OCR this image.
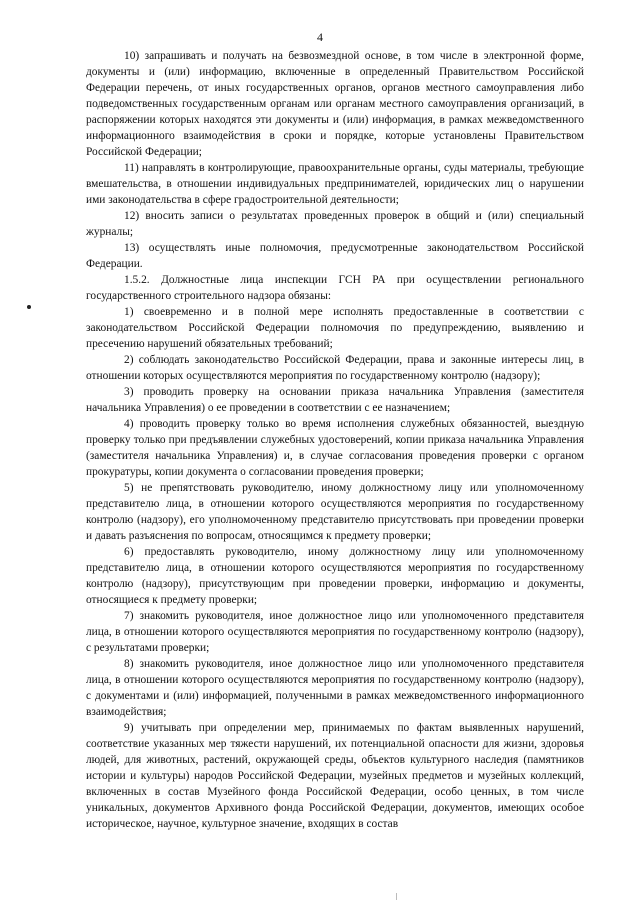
4

10) запрашивать и получать на безвозмездной основе, в том числе в электронной форме, документы и (или) информацию, включенные в определенный Правительством Российской Федерации перечень, от иных государственных органов, органов местного самоуправления либо подведомственных государственным органам или органам местного самоуправления организаций, в распоряжении которых находятся эти документы и (или) информация, в рамках межведомственного информационного взаимодействия в сроки и порядке, которые установлены Правительством Российской Федерации;

11) направлять в контролирующие, правоохранительные органы, суды материалы, требующие вмешательства, в отношении индивидуальных предпринимателей, юридических лиц о нарушении ими законодательства в сфере градостроительной деятельности;

12) вносить записи о результатах проведенных проверок в общий и (или) специальный журналы;

13) осуществлять иные полномочия, предусмотренные законодательством Российской Федерации.

1.5.2. Должностные лица инспекции ГСН РА при осуществлении регионального государственного строительного надзора обязаны:

1) своевременно и в полной мере исполнять предоставленные в соответствии с законодательством Российской Федерации полномочия по предупреждению, выявлению и пресечению нарушений обязательных требований;

2) соблюдать законодательство Российской Федерации, права и законные интересы лиц, в отношении которых осуществляются мероприятия по государственному контролю (надзору);

3) проводить проверку на основании приказа начальника Управления (заместителя начальника Управления) о ее проведении в соответствии с ее назначением;

4) проводить проверку только во время исполнения служебных обязанностей, выездную проверку только при предъявлении служебных удостоверений, копии приказа начальника Управления (заместителя начальника Управления) и, в случае согласования проведения проверки с органом прокуратуры, копии документа о согласовании проведения проверки;

5) не препятствовать руководителю, иному должностному лицу или уполномоченному представителю лица, в отношении которого осуществляются мероприятия по государственному контролю (надзору), его уполномоченному представителю присутствовать при проведении проверки и давать разъяснения по вопросам, относящимся к предмету проверки;

6) предоставлять руководителю, иному должностному лицу или уполномоченному представителю лица, в отношении которого осуществляются мероприятия по государственному контролю (надзору), присутствующим при проведении проверки, информацию и документы, относящиеся к предмету проверки;

7) знакомить руководителя, иное должностное лицо или уполномоченного представителя лица, в отношении которого осуществляются мероприятия по государственному контролю (надзору), с результатами проверки;

8) знакомить руководителя, иное должностное лицо или уполномоченного представителя лица, в отношении которого осуществляются мероприятия по государственному контролю (надзору), с документами и (или) информацией, полученными в рамках межведомственного информационного взаимодействия;

9) учитывать при определении мер, принимаемых по фактам выявленных нарушений, соответствие указанных мер тяжести нарушений, их потенциальной опасности для жизни, здоровья людей, для животных, растений, окружающей среды, объектов культурного наследия (памятников истории и культуры) народов Российской Федерации, музейных предметов и музейных коллекций, включенных в состав Музейного фонда Российской Федерации, особо ценных, в том числе уникальных, документов Архивного фонда Российской Федерации, документов, имеющих особое историческое, научное, культурное значение, входящих в состав
